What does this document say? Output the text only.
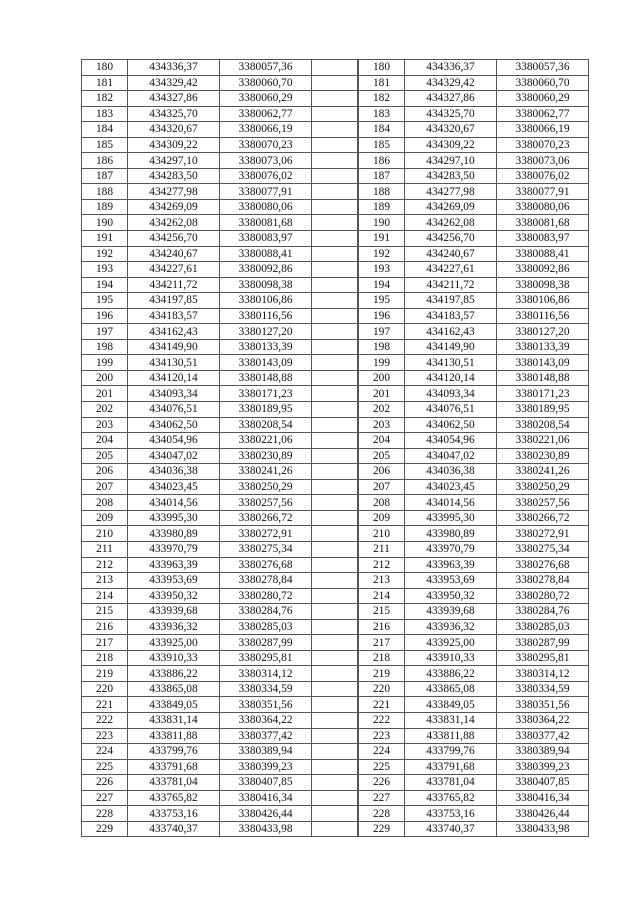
180	434336,37	3380057,36	
181	434329,42	3380060,70	
182	434327,86	3380060,29	
183	434325,70	3380062,77	
184	434320,67	3380066,19	
185	434309,22	3380070,23	
186	434297,10	3380073,06	
187	434283,50	3380076,02	
188	434277,98	3380077,91	
189	434269,09	3380080,06	
190	434262,08	3380081,68	
191	434256,70	3380083,97	
192	434240,67	3380088,41	
193	434227,61	3380092,86	
194	434211,72	3380098,38	
195	434197,85	3380106,86	
196	434183,57	3380116,56	
197	434162,43	3380127,20	
198	434149,90	3380133,39	
199	434130,51	3380143,09	
200	434120,14	3380148,88	
201	434093,34	3380171,23	
202	434076,51	3380189,95	
203	434062,50	3380208,54	
204	434054,96	3380221,06	
205	434047,02	3380230,89	
206	434036,38	3380241,26	
207	434023,45	3380250,29	
208	434014,56	3380257,56	
209	433995,30	3380266,72	
210	433980,89	3380272,91	
211	433970,79	3380275,34	
212	433963,39	3380276,68	
213	433953,69	3380278,84	
214	433950,32	3380280,72	
215	433939,68	3380284,76	
216	433936,32	3380285,03	
217	433925,00	3380287,99	
218	433910,33	3380295,81	
219	433886,22	3380314,12	
220	433865,08	3380334,59	
221	433849,05	3380351,56	
222	433831,14	3380364,22	
223	433811,88	3380377,42	
224	433799,76	3380389,94	
225	433791,68	3380399,23	
226	433781,04	3380407,85	
227	433765,82	3380416,34	
228	433753,16	3380426,44	
229	433740,37	3380433,98	
180	434336,37	3380057,36
181	434329,42	3380060,70
182	434327,86	3380060,29
183	434325,70	3380062,77
184	434320,67	3380066,19
185	434309,22	3380070,23
186	434297,10	3380073,06
187	434283,50	3380076,02
188	434277,98	3380077,91
189	434269,09	3380080,06
190	434262,08	3380081,68
191	434256,70	3380083,97
192	434240,67	3380088,41
193	434227,61	3380092,86
194	434211,72	3380098,38
195	434197,85	3380106,86
196	434183,57	3380116,56
197	434162,43	3380127,20
198	434149,90	3380133,39
199	434130,51	3380143,09
200	434120,14	3380148,88
201	434093,34	3380171,23
202	434076,51	3380189,95
203	434062,50	3380208,54
204	434054,96	3380221,06
205	434047,02	3380230,89
206	434036,38	3380241,26
207	434023,45	3380250,29
208	434014,56	3380257,56
209	433995,30	3380266,72
210	433980,89	3380272,91
211	433970,79	3380275,34
212	433963,39	3380276,68
213	433953,69	3380278,84
214	433950,32	3380280,72
215	433939,68	3380284,76
216	433936,32	3380285,03
217	433925,00	3380287,99
218	433910,33	3380295,81
219	433886,22	3380314,12
220	433865,08	3380334,59
221	433849,05	3380351,56
222	433831,14	3380364,22
223	433811,88	3380377,42
224	433799,76	3380389,94
225	433791,68	3380399,23
226	433781,04	3380407,85
227	433765,82	3380416,34
228	433753,16	3380426,44
229	433740,37	3380433,98
